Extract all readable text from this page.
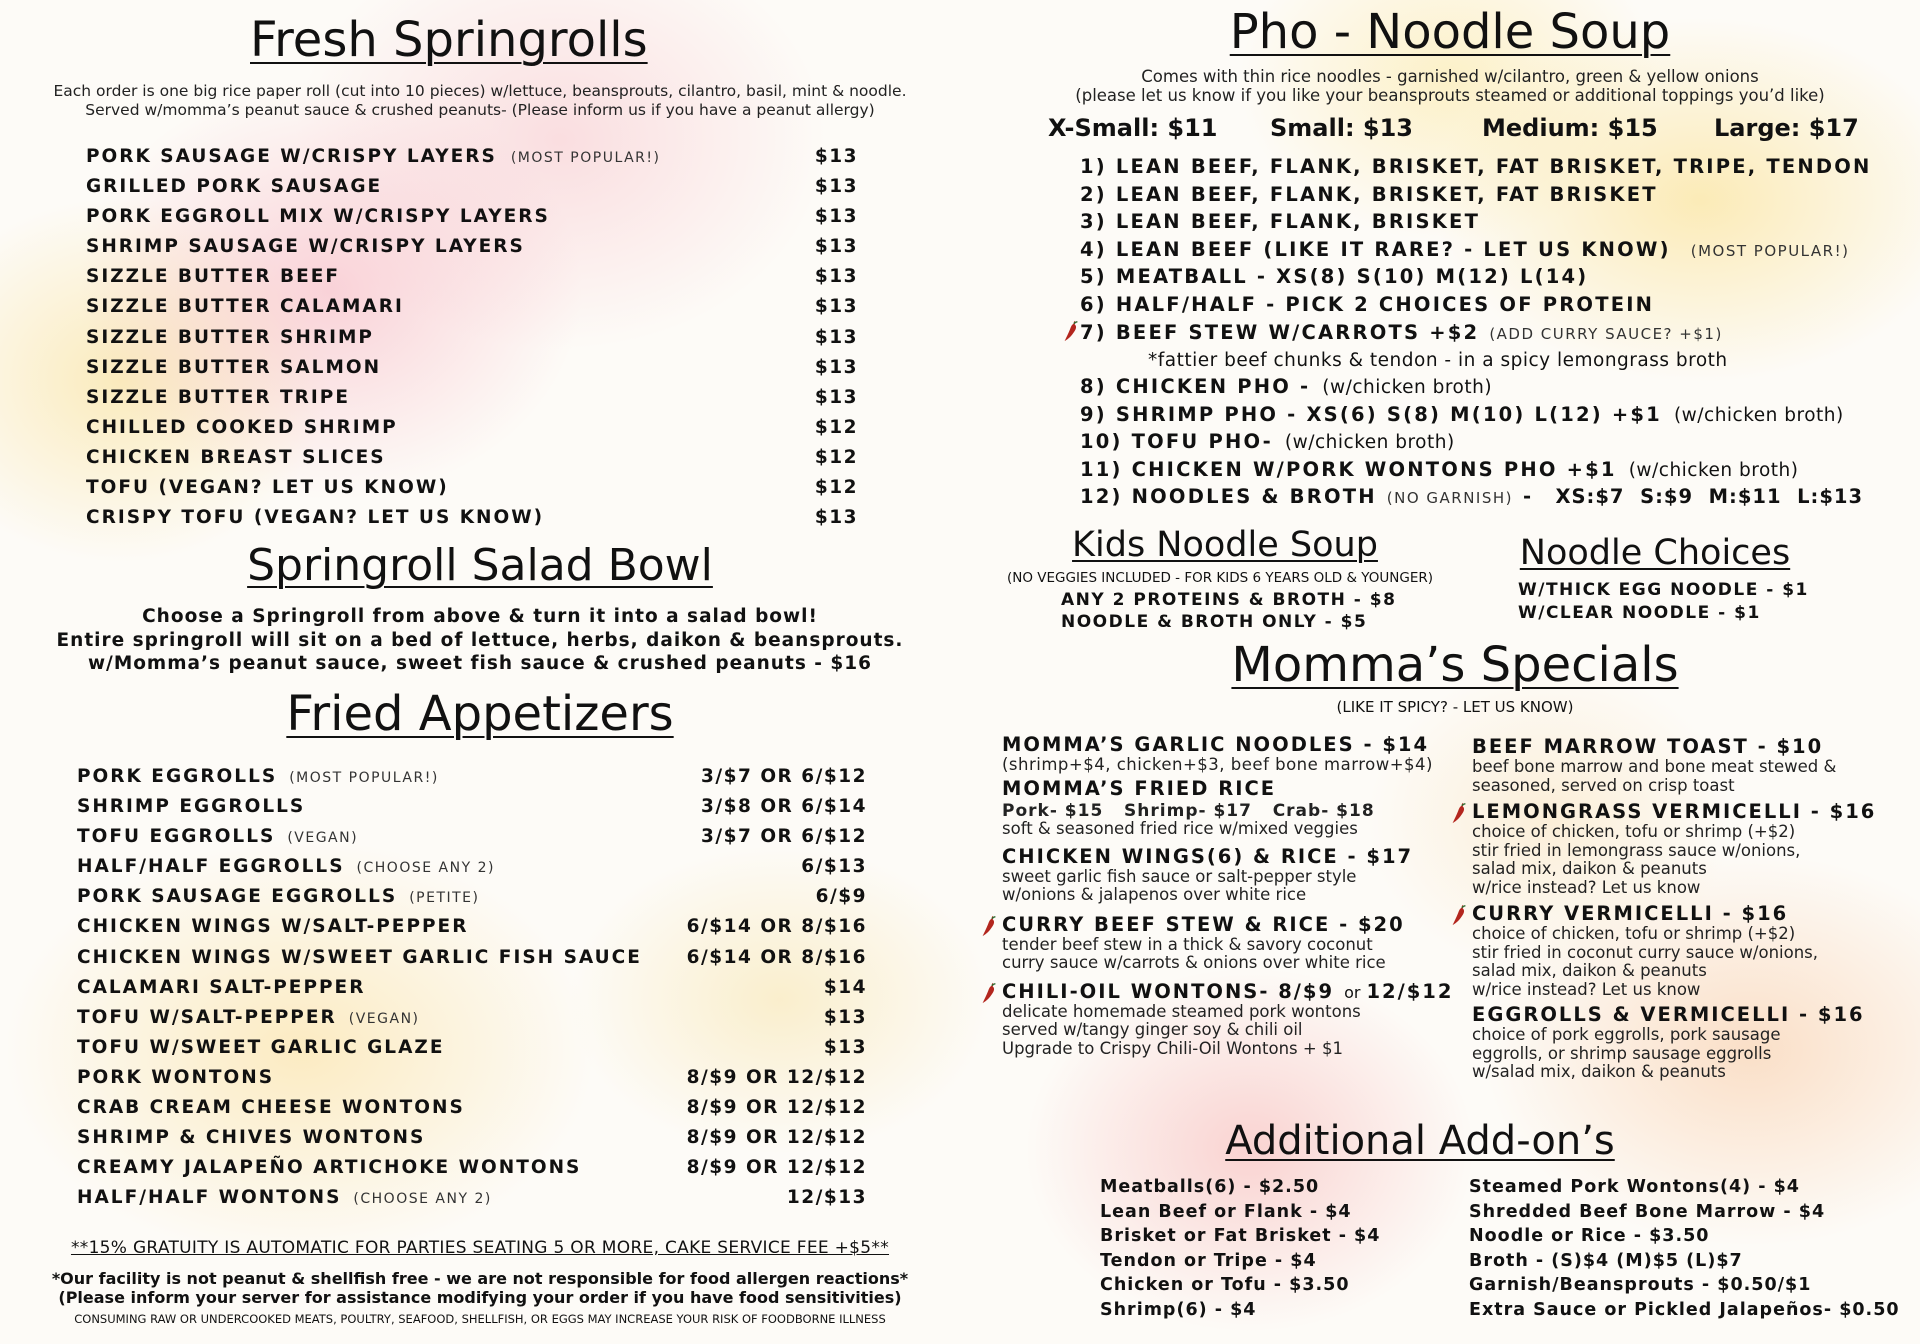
Fresh Springrolls
Each order is one big rice paper roll (cut into 10 pieces) w/lettuce, beansprouts, cilantro, basil, mint & noodle.
Served w/momma’s peanut sauce & crushed peanuts- (Please inform us if you have a peanut allergy)
PORK SAUSAGE W/CRISPY LAYERS (MOST POPULAR!)	$13
GRILLED PORK SAUSAGE	$13
PORK EGGROLL MIX W/CRISPY LAYERS	$13
SHRIMP SAUSAGE W/CRISPY LAYERS	$13
SIZZLE BUTTER BEEF	$13
SIZZLE BUTTER CALAMARI	$13
SIZZLE BUTTER SHRIMP	$13
SIZZLE BUTTER SALMON	$13
SIZZLE BUTTER TRIPE	$13
CHILLED COOKED SHRIMP	$12
CHICKEN BREAST SLICES	$12
TOFU (VEGAN? LET US KNOW)	$12
CRISPY TOFU (VEGAN? LET US KNOW)	$13
Springroll Salad Bowl
Choose a Springroll from above & turn it into a salad bowl!
Entire springroll will sit on a bed of lettuce, herbs, daikon & beansprouts.
w/Momma’s peanut sauce, sweet fish sauce & crushed peanuts - $16
Fried Appetizers
PORK EGGROLLS (MOST POPULAR!)	3/$7 OR 6/$12
SHRIMP EGGROLLS	3/$8 OR 6/$14
TOFU EGGROLLS (VEGAN)	3/$7 OR 6/$12
HALF/HALF EGGROLLS (CHOOSE ANY 2)	6/$13
PORK SAUSAGE EGGROLLS (PETITE)	6/$9
CHICKEN WINGS W/SALT-PEPPER	6/$14 OR 8/$16
CHICKEN WINGS W/SWEET GARLIC FISH SAUCE 6/$14 OR 8/$16
CALAMARI SALT-PEPPER	$14
TOFU W/SALT-PEPPER (VEGAN)	$13
TOFU W/SWEET GARLIC GLAZE	$13
PORK WONTONS	8/$9 OR 12/$12
CRAB CREAM CHEESE WONTONS	8/$9 OR 12/$12
SHRIMP & CHIVES WONTONS	8/$9 OR 12/$12
CREAMY JALAPEÑO ARTICHOKE WONTONS	8/$9 OR 12/$12
HALF/HALF WONTONS (CHOOSE ANY 2)	12/$13
**15% GRATUITY IS AUTOMATIC FOR PARTIES SEATING 5 OR MORE, CAKE SERVICE FEE +$5**
*Our facility is not peanut & shellfish free - we are not responsible for food allergen reactions*
(Please inform your server for assistance modifying your order if you have food sensitivities)
CONSUMING RAW OR UNDERCOOKED MEATS, POULTRY, SEAFOOD, SHELLFISH, OR EGGS MAY INCREASE YOUR RISK OF FOODBORNE ILLNESS
Pho - Noodle Soup
Comes with thin rice noodles - garnished w/cilantro, green & yellow onions
(please let us know if you like your beansprouts steamed or additional toppings you’d like)
X-Small: $11 Small: $13	Medium: $15 Large: $17
1) LEAN BEEF, FLANK, BRISKET, FAT BRISKET, TRIPE, TENDON
2) LEAN BEEF, FLANK, BRISKET, FAT BRISKET
3) LEAN BEEF, FLANK, BRISKET
4) LEAN BEEF (LIKE IT RARE? - LET US KNOW) (MOST POPULAR!)
5) MEATBALL - XS(8) S(10) M(12) L(14)
6) HALF/HALF - PICK 2 CHOICES OF PROTEIN
7) BEEF STEW W/CARROTS +$2 (ADD CURRY SAUCE? +$1)
*fattier beef chunks & tendon - in a spicy lemongrass broth
8) CHICKEN PHO - (w/chicken broth)
9) SHRIMP PHO - XS(6) S(8) M(10) L(12) +$1 (w/chicken broth)
10) TOFU PHO- (w/chicken broth)
11) CHICKEN W/PORK WONTONS PHO +$1 (w/chicken broth)
12) NOODLES & BROTH (NO GARNISH) -   XS:$7  S:$9  M:$11  L:$13
Kids Noodle Soup
(NO VEGGIES INCLUDED - FOR KIDS 6 YEARS OLD & YOUNGER)
ANY 2 PROTEINS & BROTH - $8
NOODLE & BROTH ONLY - $5
Noodle Choices
W/THICK EGG NOODLE - $1
W/CLEAR NOODLE - $1
Momma’s Specials
(LIKE IT SPICY? - LET US KNOW)
MOMMA’S GARLIC NOODLES - $14
(shrimp+$4, chicken+$3, beef bone marrow+$4)
MOMMA’S FRIED RICE
Pork- $15   Shrimp- $17   Crab- $18
soft & seasoned fried rice w/mixed veggies
CHICKEN WINGS(6) & RICE - $17
sweet garlic fish sauce or salt-pepper style
w/onions & jalapenos over white rice
CURRY BEEF STEW & RICE - $20
tender beef stew in a thick & savory coconut
curry sauce w/carrots & onions over white rice
CHILI-OIL WONTONS- 8/$9 or 12/$12
delicate homemade steamed pork wontons
served w/tangy ginger soy & chili oil
Upgrade to Crispy Chili-Oil Wontons + $1
BEEF MARROW TOAST - $10
beef bone marrow and bone meat stewed &
seasoned, served on crisp toast
LEMONGRASS VERMICELLI - $16
choice of chicken, tofu or shrimp (+$2)
stir fried in lemongrass sauce w/onions,
salad mix, daikon & peanuts
w/rice instead? Let us know
CURRY VERMICELLI - $16
choice of chicken, tofu or shrimp (+$2)
stir fried in coconut curry sauce w/onions,
salad mix, daikon & peanuts
w/rice instead? Let us know
EGGROLLS & VERMICELLI - $16
choice of pork eggrolls, pork sausage
eggrolls, or shrimp sausage eggrolls
w/salad mix, daikon & peanuts
Additional Add-on’s
Meatballs(6) - $2.50
Lean Beef or Flank - $4
Brisket or Fat Brisket - $4
Tendon or Tripe - $4
Chicken or Tofu - $3.50
Shrimp(6) - $4
Steamed Pork Wontons(4) - $4
Shredded Beef Bone Marrow - $4
Noodle or Rice - $3.50
Broth - (S)$4 (M)$5 (L)$7
Garnish/Beansprouts - $0.50/$1
Extra Sauce or Pickled Jalapeños- $0.50
